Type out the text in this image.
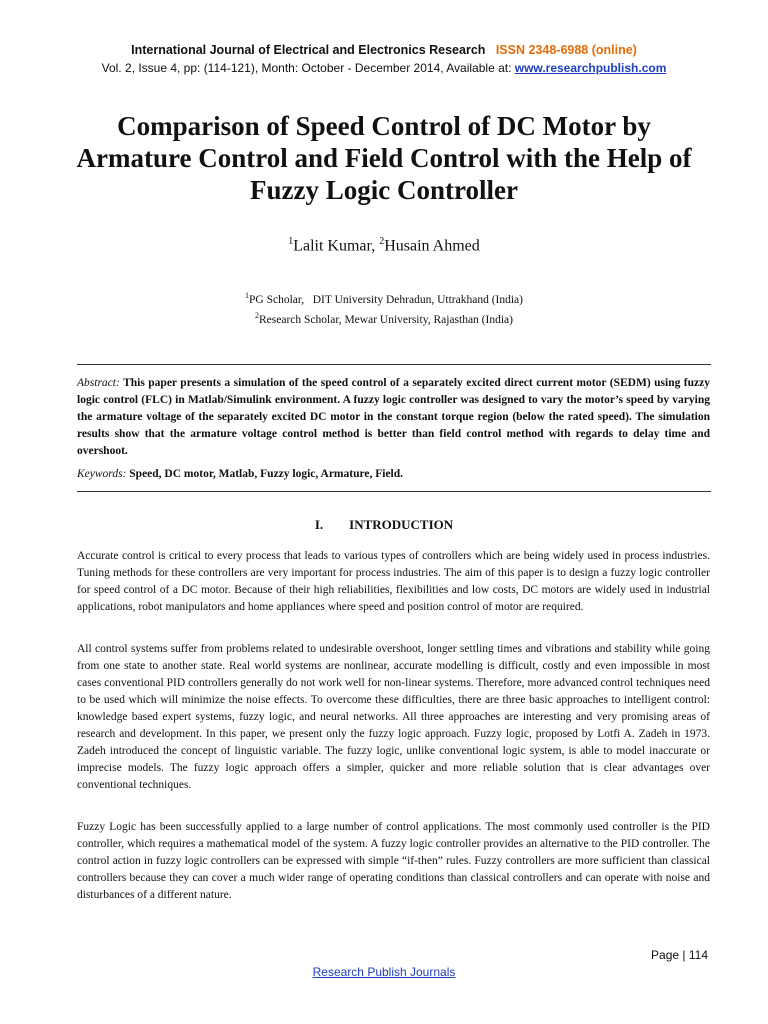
International Journal of Electrical and Electronics Research ISSN 2348-6988 (online)
Vol. 2, Issue 4, pp: (114-121), Month: October - December 2014, Available at: www.researchpublish.com
Comparison of Speed Control of DC Motor by Armature Control and Field Control with the Help of Fuzzy Logic Controller
$^1$Lalit Kumar, $^2$Husain Ahmed
$^1$PG Scholar,   DIT University Dehradun, Uttrakhand (India)
$^2$Research Scholar, Mewar University, Rajasthan (India)
Abstract: This paper presents a simulation of the speed control of a separately excited direct current motor (SEDM) using fuzzy logic control (FLC) in Matlab/Simulink environment. A fuzzy logic controller was designed to vary the motor’s speed by varying the armature voltage of the separately excited DC motor in the constant torque region (below the rated speed). The simulation results show that the armature voltage control method is better than field control method with regards to delay time and overshoot.
Keywords: Speed, DC motor, Matlab, Fuzzy logic, Armature, Field.
I. INTRODUCTION
Accurate control is critical to every process that leads to various types of controllers which are being widely used in process industries. Tuning methods for these controllers are very important for process industries. The aim of this paper is to design a fuzzy logic controller for speed control of a DC motor. Because of their high reliabilities, flexibilities and low costs, DC motors are widely used in industrial applications, robot manipulators and home appliances where speed and position control of motor are required.
All control systems suffer from problems related to undesirable overshoot, longer settling times and vibrations and stability while going from one state to another state. Real world systems are nonlinear, accurate modelling is difficult, costly and even impossible in most cases conventional PID controllers generally do not work well for non-linear systems. Therefore, more advanced control techniques need to be used which will minimize the noise effects. To overcome these difficulties, there are three basic approaches to intelligent control: knowledge based expert systems, fuzzy logic, and neural networks. All three approaches are interesting and very promising areas of research and development. In this paper, we present only the fuzzy logic approach. Fuzzy logic, proposed by Lotfi A. Zadeh in 1973. Zadeh introduced the concept of linguistic variable. The fuzzy logic, unlike conventional logic system, is able to model inaccurate or imprecise models. The fuzzy logic approach offers a simpler, quicker and more reliable solution that is clear advantages over conventional techniques.
Fuzzy Logic has been successfully applied to a large number of control applications. The most commonly used controller is the PID controller, which requires a mathematical model of the system. A fuzzy logic controller provides an alternative to the PID controller. The control action in fuzzy logic controllers can be expressed with simple “if-then” rules. Fuzzy controllers are more sufficient than classical controllers because they can cover a much wider range of operating conditions than classical controllers and can operate with noise and disturbances of a different nature.
Page | 114
Research Publish Journals
